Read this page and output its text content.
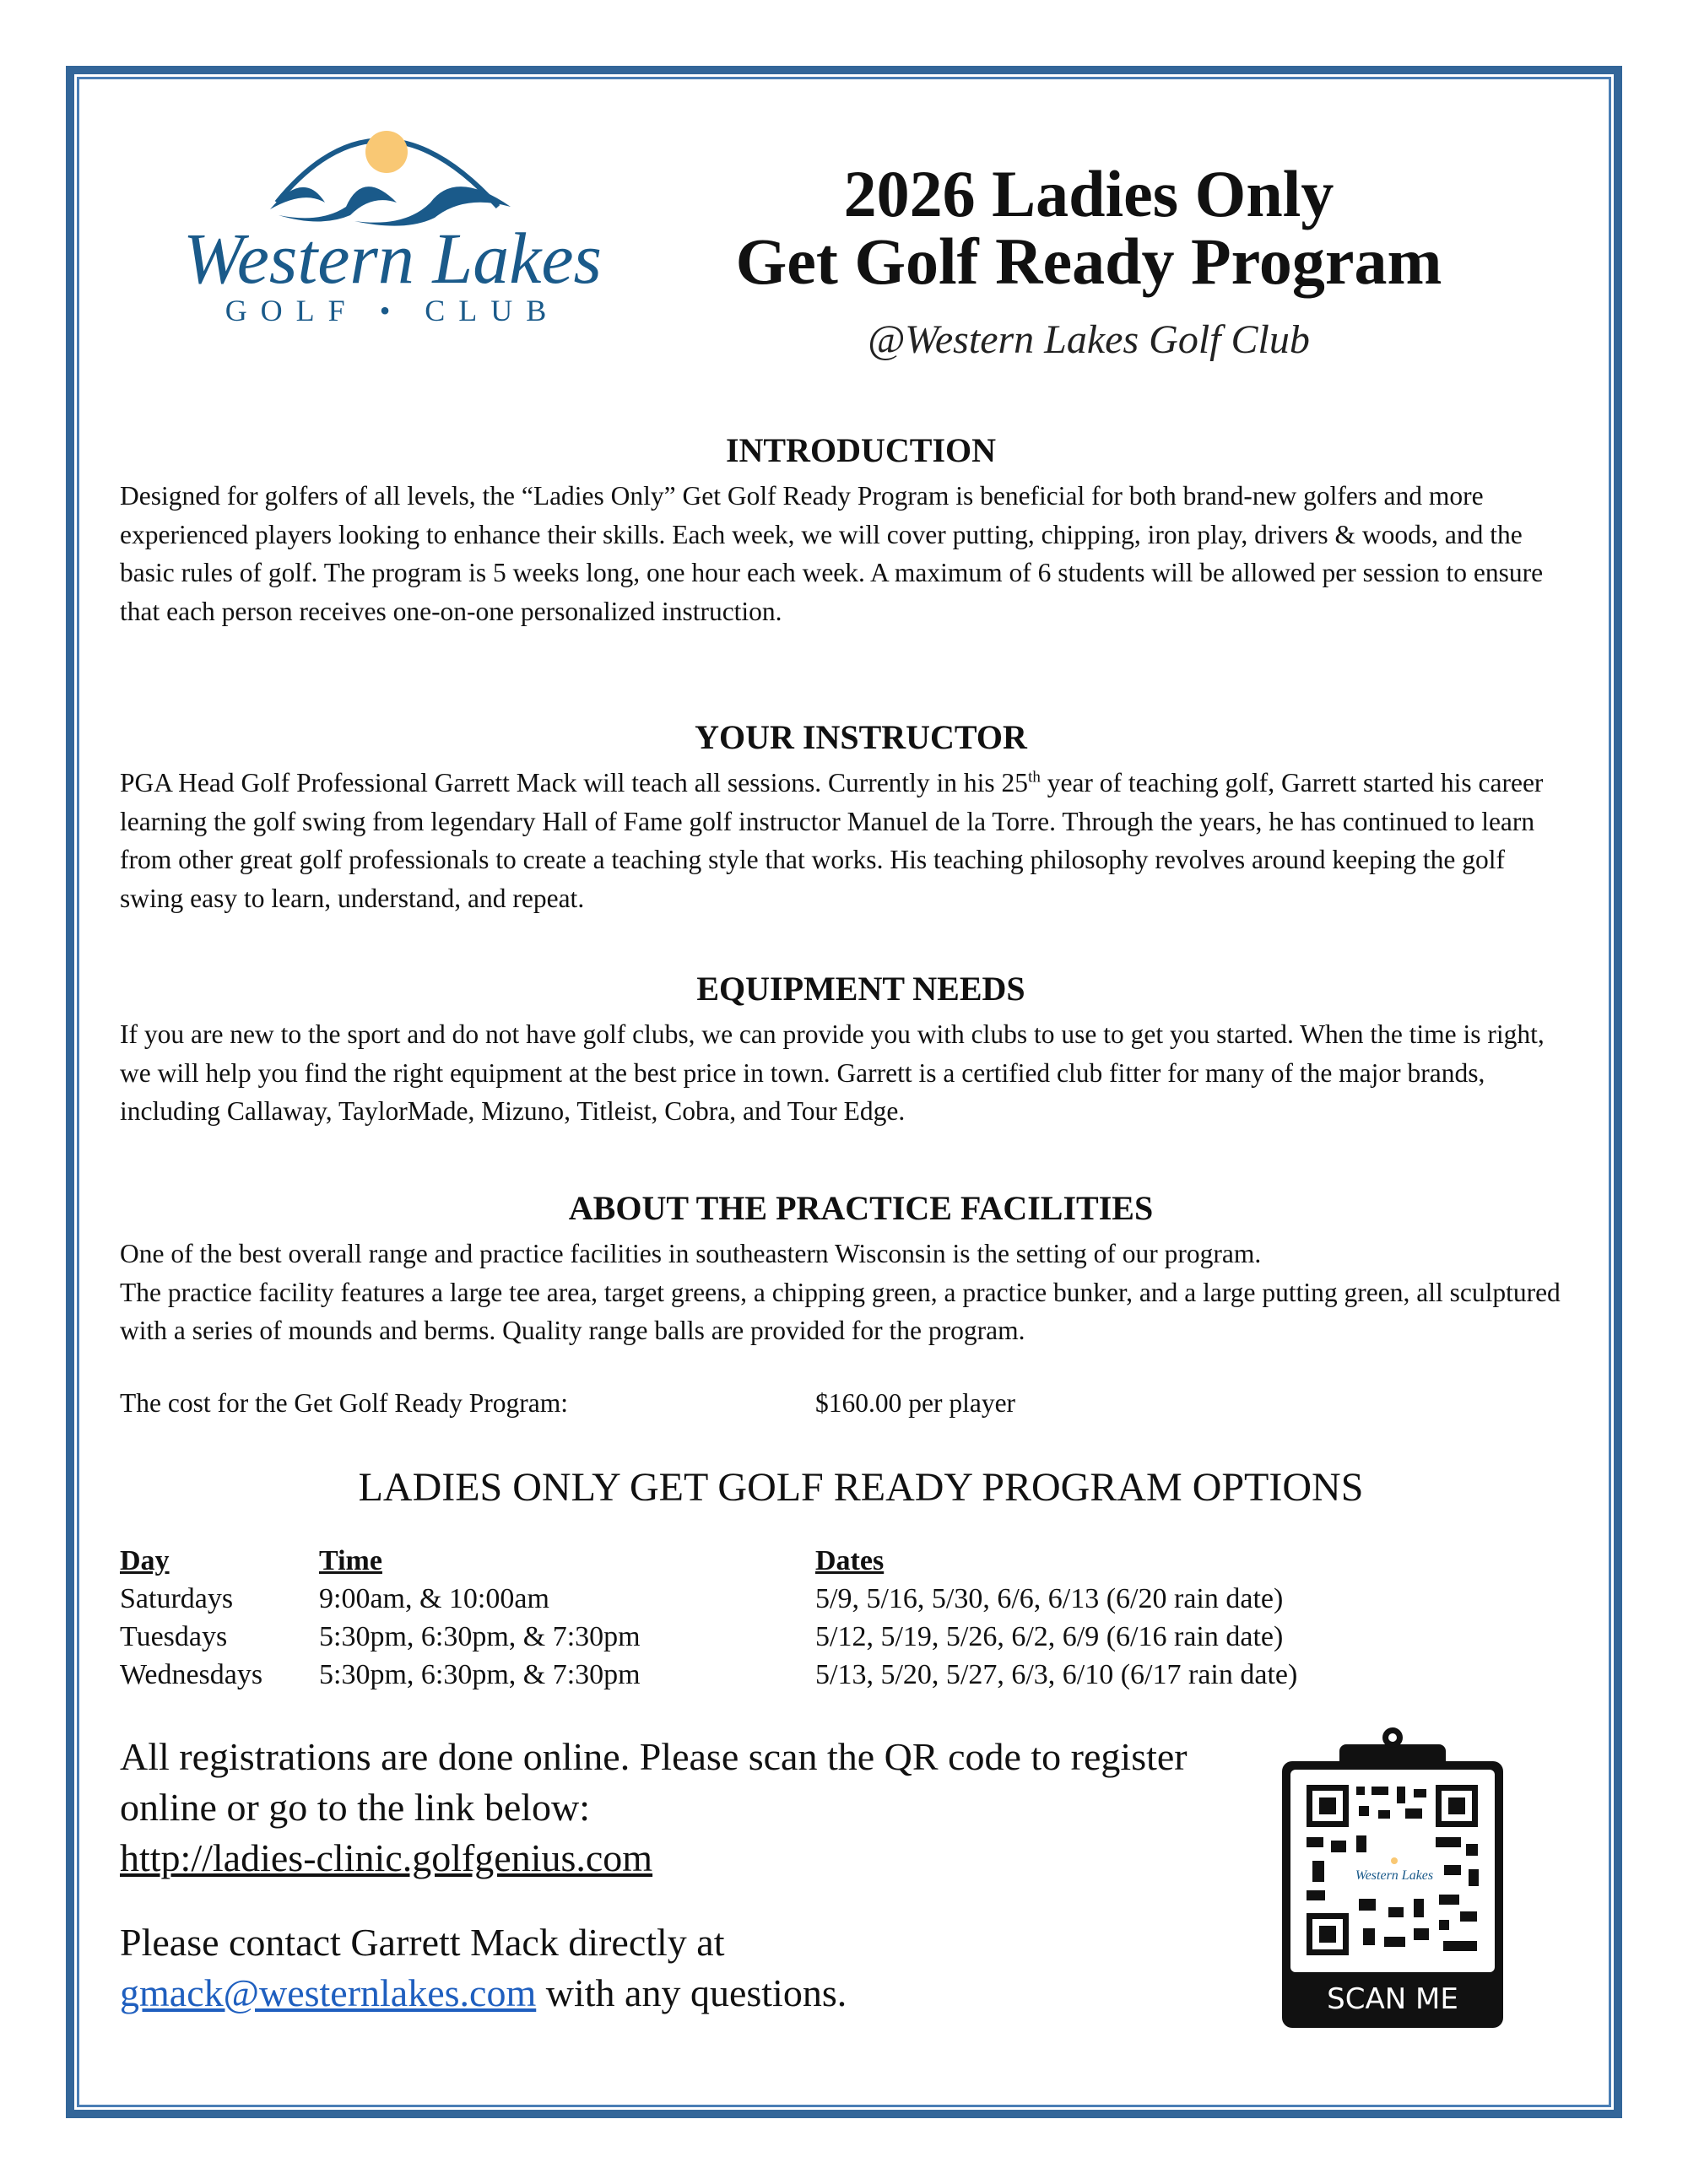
Western Lakes
GOLF • CLUB
2026 Ladies Only
Get Golf Ready Program
@Western Lakes Golf Club
INTRODUCTION
Designed for golfers of all levels, the “Ladies Only” Get Golf Ready Program is beneficial for both brand-new golfers and more experienced players looking to enhance their skills. Each week, we will cover putting, chipping, iron play, drivers & woods, and the basic rules of golf. The program is 5 weeks long, one hour each week. A maximum of 6 students will be allowed per session to ensure that each person receives one-on-one personalized instruction.
YOUR INSTRUCTOR
PGA Head Golf Professional Garrett Mack will teach all sessions. Currently in his 25th year of teaching golf, Garrett started his career learning the golf swing from legendary Hall of Fame golf instructor Manuel de la Torre. Through the years, he has continued to learn from other great golf professionals to create a teaching style that works. His teaching philosophy revolves around keeping the golf swing easy to learn, understand, and repeat.
EQUIPMENT NEEDS
If you are new to the sport and do not have golf clubs, we can provide you with clubs to use to get you started. When the time is right, we will help you find the right equipment at the best price in town. Garrett is a certified club fitter for many of the major brands, including Callaway, TaylorMade, Mizuno, Titleist, Cobra, and Tour Edge.
ABOUT THE PRACTICE FACILITIES
One of the best overall range and practice facilities in southeastern Wisconsin is the setting of our program.
The practice facility features a large tee area, target greens, a chipping green, a practice bunker, and a large putting green, all sculptured with a series of mounds and berms. Quality range balls are provided for the program.
The cost for the Get Golf Ready Program:	$160.00 per player
LADIES ONLY GET GOLF READY PROGRAM OPTIONS
Day	Time	Dates
Saturdays	9:00am, & 10:00am	5/9, 5/16, 5/30, 6/6, 6/13 (6/20 rain date)
Tuesdays	5:30pm, 6:30pm, & 7:30pm	5/12, 5/19, 5/26, 6/2, 6/9 (6/16 rain date)
Wednesdays 5:30pm, 6:30pm, & 7:30pm	5/13, 5/20, 5/27, 6/3, 6/10 (6/17 rain date)
All registrations are done online. Please scan the QR code to register online or go to the link below:
http://ladies-clinic.golfgenius.com
Please contact Garrett Mack directly at
gmack@westernlakes.com with any questions.
Western Lakes
SCAN ME
